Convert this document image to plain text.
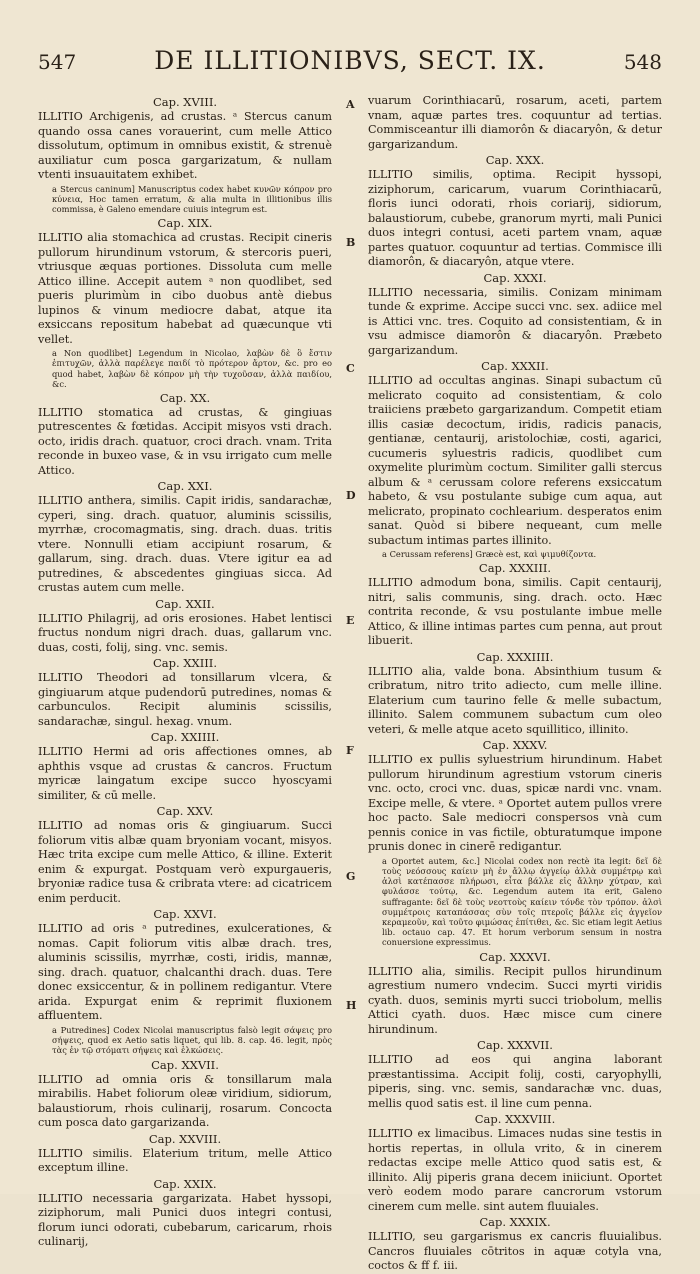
547	DE ILLITIONIBVS, SECT. IX.	548
Cap. XVIII.

ILLITIO Archigenis, ad crustas. ᵃ Stercus canum quando ossa canes vorauerint, cum melle Attico dissolutum, optimum in omnibus existit, & strenuè auxiliatur cum posca gargarizatum, & nullam vtenti insuauitatem exhibet.

a Stercus caninum] Manuscriptus codex habet κυνῶν κόπρον pro κύνεια, Hoc tamen erratum, & alia multa in illitionibus illis commissa, è Galeno emendare cuiuis integrum est.

Cap. XIX.

ILLITIO alia stomachica ad crustas. Recipit cineris pullorum hirundinum vstorum, & stercoris pueri, vtriusque æquas portiones. Dissoluta cum melle Attico illine. Accepit autem ᵃ non quodlibet, sed pueris plurimùm in cibo duobus antè diebus lupinos & vinum mediocre dabat, atque ita exsiccans repositum habebat ad quæcunque vti vellet.

a Non quodlibet] Legendum in Nicolao, λαβὼν δὲ ὃ ἔστιν ἐπιτυχῶν, ἀλλὰ παρέλεγε παιδί τὸ πρότερον ἄρτον, &c. pro eo quod habet, λαβὼν δὲ κόπρον μὴ τὴν τυχοῦσαν, ἀλλὰ παιδίου, &c.

Cap. XX.

ILLITIO stomatica ad crustas, & gingiuas putrescentes & fœtidas. Accipit misyos vsti drach. octo, iridis drach. quatuor, croci drach. vnam. Trita reconde in buxeo vase, & in vsu irrigato cum melle Attico.

Cap. XXI.

ILLITIO anthera, similis. Capit iridis, sandarachæ, cyperi, sing. drach. quatuor, aluminis scissilis, myrrhæ, crocomagmatis, sing. drach. duas. tritis vtere. Nonnulli etiam accipiunt rosarum, & gallarum, sing. drach. duas. Vtere igitur ea ad putredines, & abscedentes gingiuas sicca. Ad crustas autem cum melle.

Cap. XXII.

ILLITIO Philagrij, ad oris erosiones. Habet lentisci fructus nondum nigri drach. duas, gallarum vnc. duas, costi, folij, sing. vnc. semis.

Cap. XXIII.

ILLITIO Theodori ad tonsillarum vlcera, & gingiuarum atque pudendorū putredines, nomas & carbunculos. Recipit aluminis scissilis, sandarachæ, singul. hexag. vnum.

Cap. XXIIII.

ILLITIO Hermi ad oris affectiones omnes, ab aphthis vsque ad crustas & cancros. Fructum myricæ laingatum excipe succo hyoscyami similiter, & cū melle.

Cap. XXV.

ILLITIO ad nomas oris & gingiuarum. Succi foliorum vitis albæ quam bryoniam vocant, misyos. Hæc trita excipe cum melle Attico, & illine. Exterit enim & expurgat. Postquam verò expurgaueris, bryoniæ radice tusa & cribrata vtere: ad cicatricem enim perducit.

Cap. XXVI.

ILLITIO ad oris ᵃ putredines, exulcerationes, & nomas. Capit foliorum vitis albæ drach. tres, aluminis scissilis, myrrhæ, costi, iridis, mannæ, sing. drach. quatuor, chalcanthi drach. duas. Tere donec exsiccentur, & in pollinem redigantur. Vtere arida. Expurgat enim & reprimit fluxionem affluentem.

a Putredines] Codex Nicolai manuscriptus falsò legit σάψεις pro σήψεις, quod ex Aetio satis liquet, qui lib. 8. cap. 46. legit, πρὸς τὰς ἐν τῷ στόματι σήψεις καὶ ἑλκώσεις.

Cap. XXVII.

ILLITIO ad omnia oris & tonsillarum mala mirabilis. Habet foliorum oleæ viridium, sidiorum, balaustiorum, rhois culinarij, rosarum. Concocta cum posca dato gargarizanda.

Cap. XXVIII.

ILLITIO similis. Elaterium tritum, melle Attico exceptum illine.

Cap. XXIX.

ILLITIO necessaria gargarizata. Habet hyssopi, ziziphorum, mali Punici duos integri contusi, florum iunci odorati, cubebarum, caricarum, rhois culinarij,

A
B
C
D
E
F
G
H

vuarum Corinthiacarū, rosarum, aceti, partem vnam, aquæ partes tres. coquuntur ad tertias. Commisceantur illi diamorôn & diacaryôn, & detur gargarizandum.

Cap. XXX.

ILLITIO similis, optima. Recipit hyssopi, ziziphorum, caricarum, vuarum Corinthiacarū, floris iunci odorati, rhois coriarij, sidiorum, balaustiorum, cubebe, granorum myrti, mali Punici duos integri contusi, aceti partem vnam, aquæ partes quatuor. coquuntur ad tertias. Commisce illi diamorôn, & diacaryôn, atque vtere.

Cap. XXXI.

ILLITIO necessaria, similis. Conizam minimam tunde & exprime. Accipe succi vnc. sex. adiice mel is Attici vnc. tres. Coquito ad consistentiam, & in vsu admisce diamorôn & diacaryôn. Præbeto gargarizandum.

Cap. XXXII.

ILLITIO ad occultas anginas. Sinapi subactum cū melicrato coquito ad consistentiam, & colo traiiciens præbeto gargarizandum. Competit etiam illis casiæ decoctum, iridis, radicis panacis, gentianæ, centaurij, aristolochiæ, costi, agarici, cucumeris syluestris radicis, quodlibet cum oxymelite plurimùm coctum. Similiter galli stercus album & ᵃ cerussam colore referens exsiccatum habeto, & vsu postulante subige cum aqua, aut melicrato, propinato cochlearium. desperatos enim sanat. Quòd si bibere nequeant, cum melle subactum intimas partes illinito.

a Cerussam referens] Græcè est, καὶ ψιμυθίζοντα.

Cap. XXXIII.

ILLITIO admodum bona, similis. Capit centaurij, nitri, salis communis, sing. drach. octo. Hæc contrita reconde, & vsu postulante imbue melle Attico, & illine intimas partes cum penna, aut prout libuerit.

Cap. XXXIIII.

ILLITIO alia, valde bona. Absinthium tusum & cribratum, nitro trito adiecto, cum melle illine. Elaterium cum taurino felle & melle subactum, illinito. Salem communem subactum cum oleo veteri, & melle atque aceto squillitico, illinito.

Cap. XXXV.

ILLITIO ex pullis syluestrium hirundinum. Habet pullorum hirundinum agrestium vstorum cineris vnc. octo, croci vnc. duas, spicæ nardi vnc. vnam. Excipe melle, & vtere. ᵃ Oportet autem pullos vrere hoc pacto. Sale mediocri conspersos vnà cum pennis conice in vas fictile, obturatumque impone prunis donec in cinerē redigantur.

a Oportet autem, &c.] Nicolai codex non rectè ita legit: δεῖ δὲ τοὺς νεόσσους καίειν μὴ ἐν ἄλλῳ ἀγγείῳ ἀλλὰ συμμέτρῳ καὶ ἀλσὶ κατέπασσε πλήρωσι, εἶτα βάλλε εἰς ἄλλην χύτραν, καὶ φυλάσσε τούτῳ, &c. Legendum autem ita erit, Galeno suffragante: δεῖ δὲ τοὺς νεοττοὺς καίειν τόνδε τὸν τρόπον. ἀλσὶ συμμέτροις καταπάσσας σὺν τοῖς πτεροῖς βάλλε εἰς ἀγγεῖον κεραμεοῦν, καὶ τοῦτο φιμώσας ἐπίτιθει, &c. Sic etiam legit Aetius lib. octauo cap. 47. Et horum verborum sensum in nostra conuersione expressimus.

Cap. XXXVI.

ILLITIO alia, similis. Recipit pullos hirundinum agrestium numero vndecim. Succi myrti viridis cyath. duos, seminis myrti succi triobolum, mellis Attici cyath. duos. Hæc misce cum cinere hirundinum.

Cap. XXXVII.

ILLITIO ad eos qui angina laborant præstantissima. Accipit folij, costi, caryophylli, piperis, sing. vnc. semis, sandarachæ vnc. duas, mellis quod satis est. il line cum penna.

Cap. XXXVIII.

ILLITIO ex limacibus. Limaces nudas sine testis in hortis repertas, in ollula vrito, & in cinerem redactas excipe melle Attico quod satis est, & illinito. Alij piperis grana decem iniiciunt. Oportet verò eodem modo parare cancrorum vstorum cinerem cum melle. sint autem fluuiales.

Cap. XXXIX.

ILLITIO, seu gargarismus ex cancris fluuialibus. Cancros fluuiales cōtritos in aquæ cotyla vna, coctos & ff f. iii.
